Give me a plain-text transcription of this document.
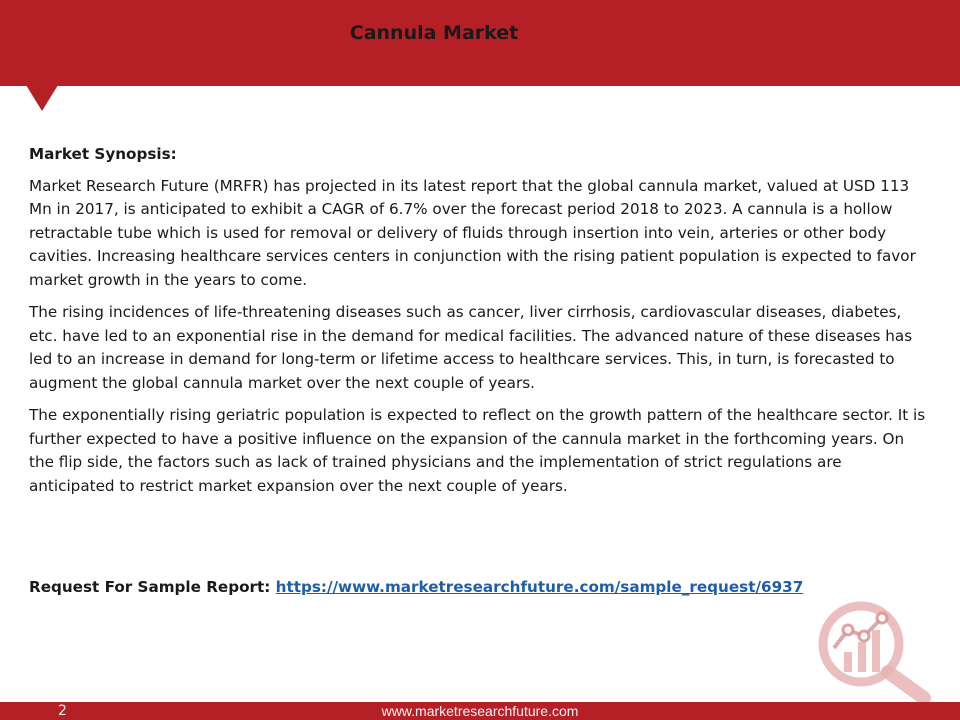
Cannula Market

Market Synopsis:

Market Research Future (MRFR) has projected in its latest report that the global cannula market, valued at USD 113 Mn in 2017, is anticipated to exhibit a CAGR of 6.7% over the forecast period 2018 to 2023. A cannula is a hollow retractable tube which is used for removal or delivery of fluids through insertion into vein, arteries or other body cavities. Increasing healthcare services centers in conjunction with the rising patient population is expected to favor market growth in the years to come.

The rising incidences of life-threatening diseases such as cancer, liver cirrhosis, cardiovascular diseases, diabetes, etc. have led to an exponential rise in the demand for medical facilities. The advanced nature of these diseases has led to an increase in demand for long-term or lifetime access to healthcare services. This, in turn, is forecasted to augment the global cannula market over the next couple of years.

The exponentially rising geriatric population is expected to reflect on the growth pattern of the healthcare sector. It is further expected to have a positive influence on the expansion of the cannula market in the forthcoming years. On the flip side, the factors such as lack of trained physicians and the implementation of strict regulations are anticipated to restrict market expansion over the next couple of years.

Request For Sample Report: https://www.marketresearchfuture.com/sample_request/6937
2	www.marketresearchfuture.com
